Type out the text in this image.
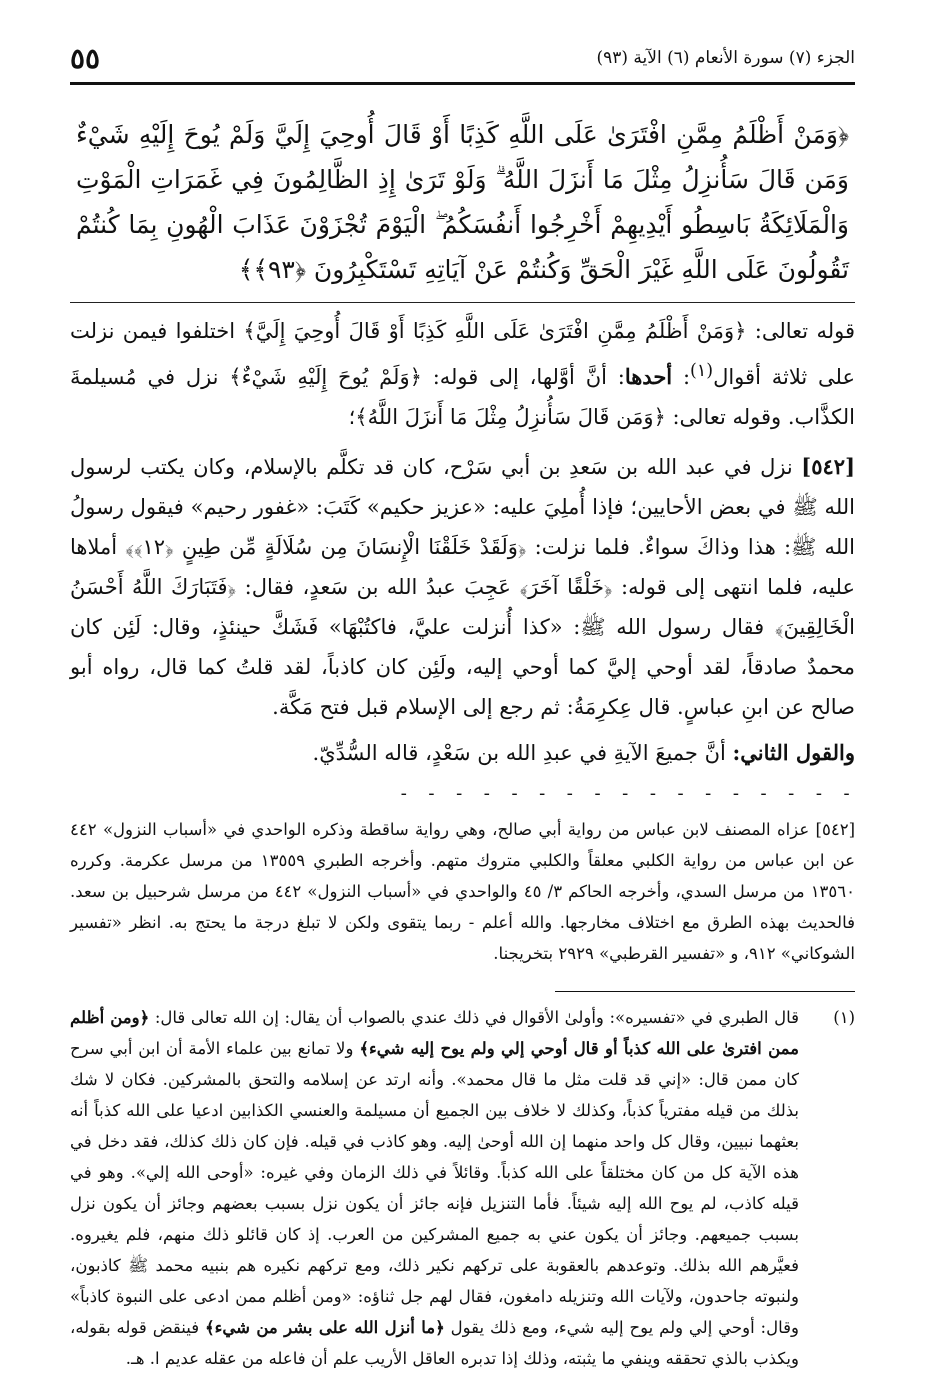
الجزء (٧) سورة الأنعام (٦) الآية (٩٣)
٥٥
﴿وَمَنْ أَظْلَمُ مِمَّنِ افْتَرَىٰ عَلَى اللَّهِ كَذِبًا أَوْ قَالَ أُوحِيَ إِلَيَّ وَلَمْ يُوحَ إِلَيْهِ شَيْءٌ وَمَن قَالَ سَأُنزِلُ مِثْلَ مَا أَنزَلَ اللَّهُ ۗ وَلَوْ تَرَىٰ إِذِ الظَّالِمُونَ فِي غَمَرَاتِ الْمَوْتِ وَالْمَلَائِكَةُ بَاسِطُو أَيْدِيهِمْ أَخْرِجُوا أَنفُسَكُمُ ۖ الْيَوْمَ تُجْزَوْنَ عَذَابَ الْهُونِ بِمَا كُنتُمْ تَقُولُونَ عَلَى اللَّهِ غَيْرَ الْحَقِّ وَكُنتُمْ عَنْ آيَاتِهِ تَسْتَكْبِرُونَ ﴿٩٣﴾﴾

قوله تعالى: ﴿وَمَنْ أَظْلَمُ مِمَّنِ افْتَرَىٰ عَلَى اللَّهِ كَذِبًا أَوْ قَالَ أُوحِيَ إِلَيَّ﴾ اختلفوا فيمن نزلت على ثلاثة أقوال$^{(١)}$: أحدها: أنَّ أوَّلها، إلى قوله: ﴿وَلَمْ يُوحَ إِلَيْهِ شَيْءٌ﴾ نزل في مُسيلمةَ الكذَّاب. وقوله تعالى: ﴿وَمَن قَالَ سَأُنزِلُ مِثْلَ مَا أَنزَلَ اللَّهُ﴾؛

[٥٤٢] نزل في عبد الله بن سَعدِ بن أبي سَرْح، كان قد تكلَّم بالإسلام، وكان يكتب لرسول الله ﷺ في بعض الأحايين؛ فإذا أُملِيَ عليه: «عزيز حكيم» كَتَبَ: «غفور رحيم» فيقول رسولُ الله ﷺ: هذا وذاكَ سواءٌ. فلما نزلت: ﴿وَلَقَدْ خَلَقْنَا الْإِنسَانَ مِن سُلَالَةٍ مِّن طِينٍ ﴿١٢﴾﴾ أملاها عليه، فلما انتهى إلى قوله: ﴿خَلْقًا آخَرَ﴾ عَجِبَ عبدُ الله بن سَعدٍ، فقال: ﴿فَتَبَارَكَ اللَّهُ أَحْسَنُ الْخَالِقِينَ﴾ فقال رسول الله ﷺ: «كذا أُنزلت عليَّ، فاكتُبْهَا» فَشَكَّ حينئذٍ، وقال: لَئِن كان محمدٌ صادقاً، لقد أوحي إليَّ كما أوحي إليه، ولَئِن كان كاذباً، لقد قلتُ كما قال، رواه أبو صالح عن ابنِ عباسٍ. قال عِكرِمَةُ: ثم رجع إلى الإسلام قبل فتح مَكَّة.

والقول الثاني: أنَّ جميعَ الآيةِ في عبدِ الله بن سَعْدٍ، قاله السُّدِّيّ.

- - - - - - - - - - - - - - - - -

[٥٤٢] عزاه المصنف لابن عباس من رواية أبي صالح، وهي رواية ساقطة وذكره الواحدي في «أسباب النزول» ٤٤٢ عن ابن عباس من رواية الكلبي معلقاً والكلبي متروك متهم. وأخرجه الطبري ١٣٥٥٩ من مرسل عكرمة. وكرره ١٣٥٦٠ من مرسل السدي، وأخرجه الحاكم ٣/ ٤٥ والواحدي في «أسباب النزول» ٤٤٢ من مرسل شرحبيل بن سعد. فالحديث بهذه الطرق مع اختلاف مخارجها. والله أعلم - ربما يتقوى ولكن لا تبلغ درجة ما يحتج به. انظر «تفسير الشوكاني» ٩١٢، و «تفسير القرطبي» ٢٩٢٩ بتخريجنا.

(١)
قال الطبري في «تفسيره»: وأولىٰ الأقوال في ذلك عندي بالصواب أن يقال: إن الله تعالى قال: ﴿ومن أظلم ممن افترىٰ على الله كذباً أو قال أوحي إلي ولم يوح إليه شيء﴾ ولا تمانع بين علماء الأمة أن ابن أبي سرح كان ممن قال: «إني قد قلت مثل ما قال محمد». وأنه ارتد عن إسلامه والتحق بالمشركين. فكان لا شك بذلك من قيله مفترياً كذباً، وكذلك لا خلاف بين الجميع أن مسيلمة والعنسي الكذابين ادعيا على الله كذباً أنه بعثهما نبيين، وقال كل واحد منهما إن الله أوحىٰ إليه. وهو كاذب في قيله. فإن كان ذلك كذلك، فقد دخل في هذه الآية كل من كان مختلقاً على الله كذباً. وقائلاً في ذلك الزمان وفي غيره: «أوحى الله إلي». وهو في قيله كاذب، لم يوح الله إليه شيئاً. فأما التنزيل فإنه جائز أن يكون نزل بسبب بعضهم وجائز أن يكون نزل بسبب جميعهم. وجائز أن يكون عني به جميع المشركين من العرب. إذ كان قائلو ذلك منهم، فلم يغيروه. فعيَّرهم الله بذلك. وتوعدهم بالعقوبة على تركهم نكير ذلك، ومع تركهم نكيره هم بنبيه محمد ﷺ كاذبون، ولنبوته جاحدون، ولآيات الله وتنزيله دامغون، فقال لهم جل ثناؤه: «ومن أظلم ممن ادعى على النبوة كاذباً» وقال: أوحي إلي ولم يوح إليه شيء، ومع ذلك يقول ﴿ما أنزل الله على بشر من شيء﴾ فينقض قوله بقوله، ويكذب بالذي تحققه وينفي ما يثبته، وذلك إذا تدبره العاقل الأريب علم أن فاعله من عقله عديم ا. هـ.
